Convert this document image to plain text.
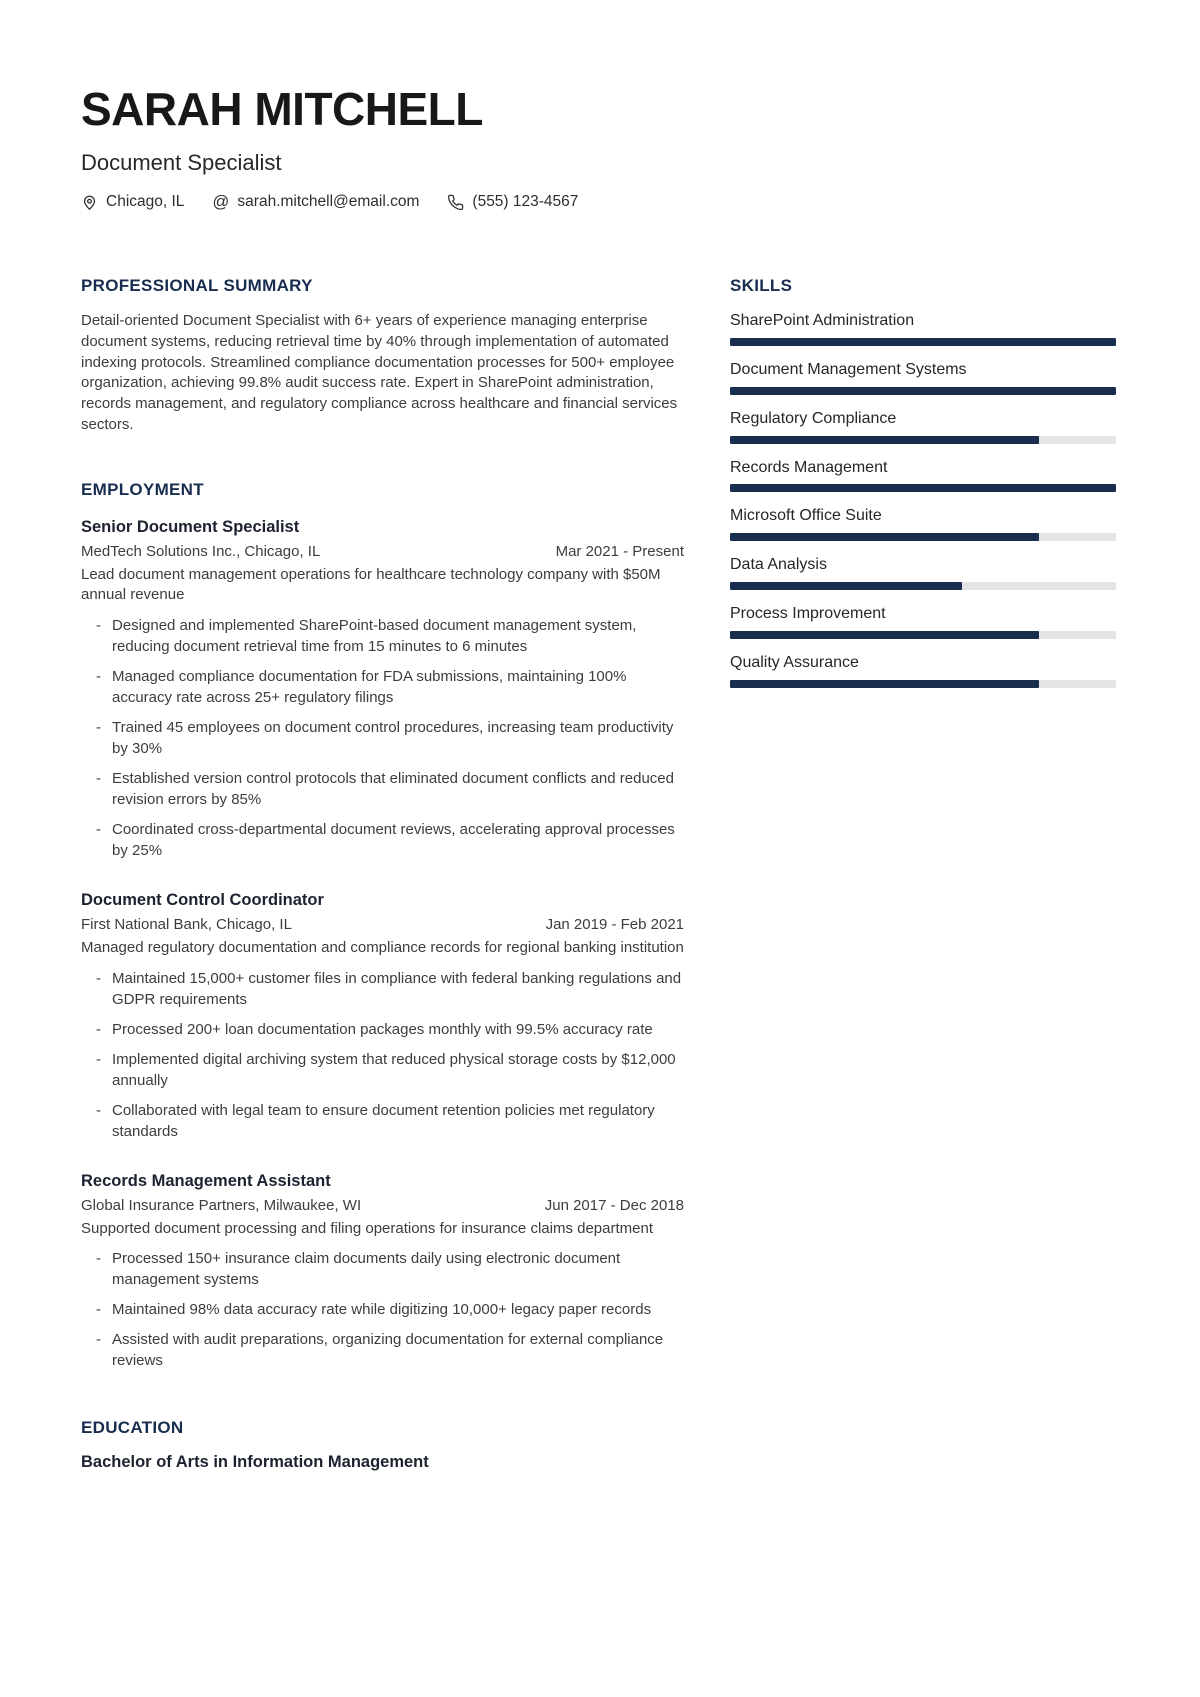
SARAH MITCHELL
Document Specialist
Chicago, IL @ sarah.mitchell@email.com	(555) 123-4567
PROFESSIONAL SUMMARY

Detail-oriented Document Specialist with 6+ years of experience managing enterprise document systems, reducing retrieval time by 40% through implementation of automated indexing protocols. Streamlined compliance documentation processes for 500+ employee organization, achieving 99.8% audit success rate. Expert in SharePoint administration, records management, and regulatory compliance across healthcare and financial services sectors.

EMPLOYMENT
Senior Document Specialist
MedTech Solutions Inc., Chicago, IL	Mar 2021 - Present
Lead document management operations for healthcare technology company with $50M annual revenue
- Designed and implemented SharePoint-based document management system, reducing document retrieval time from 15 minutes to 6 minutes
- Managed compliance documentation for FDA submissions, maintaining 100% accuracy rate across 25+ regulatory filings
- Trained 45 employees on document control procedures, increasing team productivity by 30%
- Established version control protocols that eliminated document conflicts and reduced revision errors by 85%
- Coordinated cross-departmental document reviews, accelerating approval processes by 25%
Document Control Coordinator
First National Bank, Chicago, IL	Jan 2019 - Feb 2021
Managed regulatory documentation and compliance records for regional banking institution
- Maintained 15,000+ customer files in compliance with federal banking regulations and GDPR requirements
- Processed 200+ loan documentation packages monthly with 99.5% accuracy rate
- Implemented digital archiving system that reduced physical storage costs by $12,000 annually
- Collaborated with legal team to ensure document retention policies met regulatory standards
Records Management Assistant
Global Insurance Partners, Milwaukee, WI	Jun 2017 - Dec 2018
Supported document processing and filing operations for insurance claims department
- Processed 150+ insurance claim documents daily using electronic document management systems
- Maintained 98% data accuracy rate while digitizing 10,000+ legacy paper records
- Assisted with audit preparations, organizing documentation for external compliance reviews
EDUCATION
Bachelor of Arts in Information Management
SKILLS
SharePoint Administration
Document Management Systems
Regulatory Compliance
Records Management
Microsoft Office Suite
Data Analysis
Process Improvement
Quality Assurance
